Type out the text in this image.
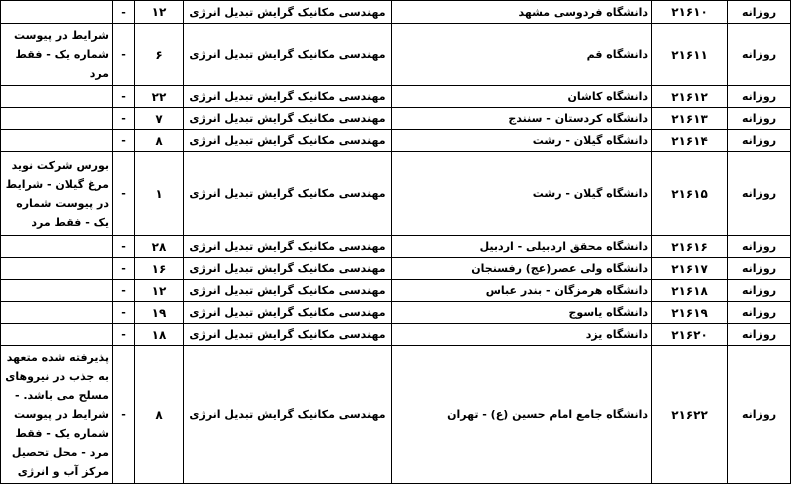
روزانه	۲۱۶۱۰	دانشگاه فردوسی مشهد	مهندسی مکانیک گرایش تبدیل انرژی	۱۲	-	
روزانه	۲۱۶۱۱	دانشگاه قم	مهندسی مکانیک گرایش تبدیل انرژی	۶	-	شرایط در پیوست شماره یک - فقط مرد
روزانه	۲۱۶۱۲	دانشگاه کاشان	مهندسی مکانیک گرایش تبدیل انرژی	۲۲	-	
روزانه	۲۱۶۱۳	دانشگاه کردستان - سنندج	مهندسی مکانیک گرایش تبدیل انرژی	۷	-	
روزانه	۲۱۶۱۴	دانشگاه گیلان - رشت	مهندسی مکانیک گرایش تبدیل انرژی	۸	-	
روزانه	۲۱۶۱۵	دانشگاه گیلان - رشت	مهندسی مکانیک گرایش تبدیل انرژی	۱	-	بورس شرکت نوید مرغ گیلان - شرایط در پیوست شماره یک - فقط مرد
روزانه	۲۱۶۱۶	دانشگاه محقق اردبیلی - اردبیل	مهندسی مکانیک گرایش تبدیل انرژی	۲۸	-	
روزانه	۲۱۶۱۷	دانشگاه ولی عصر(عج) رفسنجان	مهندسی مکانیک گرایش تبدیل انرژی	۱۶	-	
روزانه	۲۱۶۱۸	دانشگاه هرمزگان - بندر عباس	مهندسی مکانیک گرایش تبدیل انرژی	۱۲	-	
روزانه	۲۱۶۱۹	دانشگاه یاسوج	مهندسی مکانیک گرایش تبدیل انرژی	۱۹	-	
روزانه	۲۱۶۲۰	دانشگاه یزد	مهندسی مکانیک گرایش تبدیل انرژی	۱۸	-	
روزانه	۲۱۶۲۲	دانشگاه جامع امام حسین (ع) - تهران	مهندسی مکانیک گرایش تبدیل انرژی	۸	-	پذیرفته شده متعهد به جذب در نیروهای مسلح می باشد. - شرایط در پیوست شماره یک - فقط مرد - محل تحصیل مرکز آب و انرژی
